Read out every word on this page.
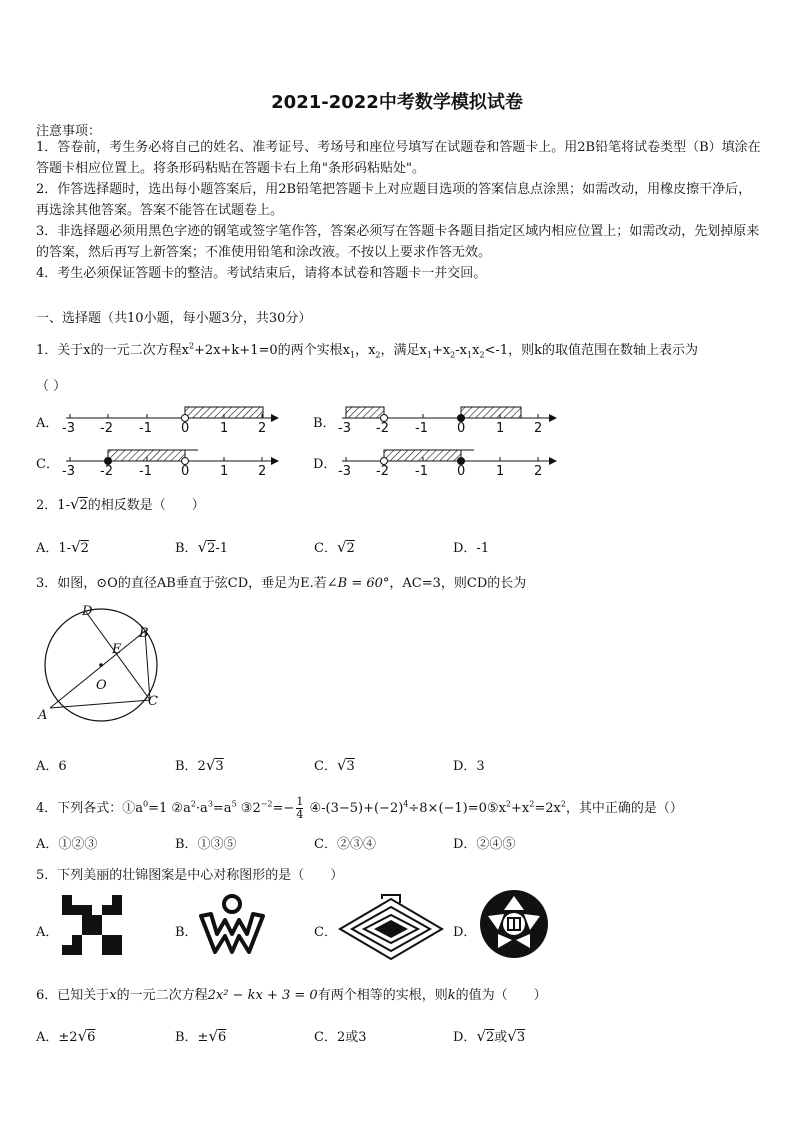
2021-2022中考数学模拟试卷
注意事项：
1．答卷前，考生务必将自己的姓名、准考证号、考场号和座位号填写在试题卷和答题卡上。用2B铅笔将试卷类型（B）填涂在答题卡相应位置上。将条形码粘贴在答题卡右上角"条形码粘贴处"。
2．作答选择题时，选出每小题答案后，用2B铅笔把答题卡上对应题目选项的答案信息点涂黑；如需改动，用橡皮擦干净后，再选涂其他答案。答案不能答在试题卷上。
3．非选择题必须用黑色字迹的钢笔或签字笔作答，答案必须写在答题卡各题目指定区域内相应位置上；如需改动，先划掉原来的答案，然后再写上新答案；不准使用铅笔和涂改液。不按以上要求作答无效。
4．考生必须保证答题卡的整洁。考试结束后，请将本试卷和答题卡一并交回。
一、选择题（共10小题，每小题3分，共30分）
1．关于x的一元二次方程$x^2+2x+k+1=0$的两个实根$x_1$，$x_2$，满足$x_1+x_2-x_1x_2<-1$，则k的取值范围在数轴上表示为
（ ）
A．	B．
C．	D．
-3 -2 -1 0 1 2	-3 -2 -1 0 1 2
-3 -2 -1 0 1 2	-3 -2 -1 0 1 2
2．1-√2的相反数是（　　）
A．1-√2	B．√2-1	C．√2	D．-1
3．如图，⊙O的直径AB垂直于弦CD，垂足为E.若∠B = 60°，AC=3，则CD的长为
D
B
E
O
A
C
A．6	B．2√3	C．√3	D．3
4．下列各式：$①a^0=1$ $②a^2\cdot a^3=a^5$ $③2^{-2}=- \frac{1}{4}$ $④-(3-5)+(-2)^4\div 8\times(-1)=0⑤x^2+x^2=2x^2$，其中正确的是（）
A．①②③	B．①③⑤	C．②③④	D．②④⑤
5．下列美丽的壮锦图案是中心对称图形的是（　　）
A．	B．	C．	D．
6．已知关于x的一元二次方程2x² − kx + 3 = 0有两个相等的实根，则k的值为（　　）
A．±2√6	B．±√6	C．2或3	D．√2或√3
